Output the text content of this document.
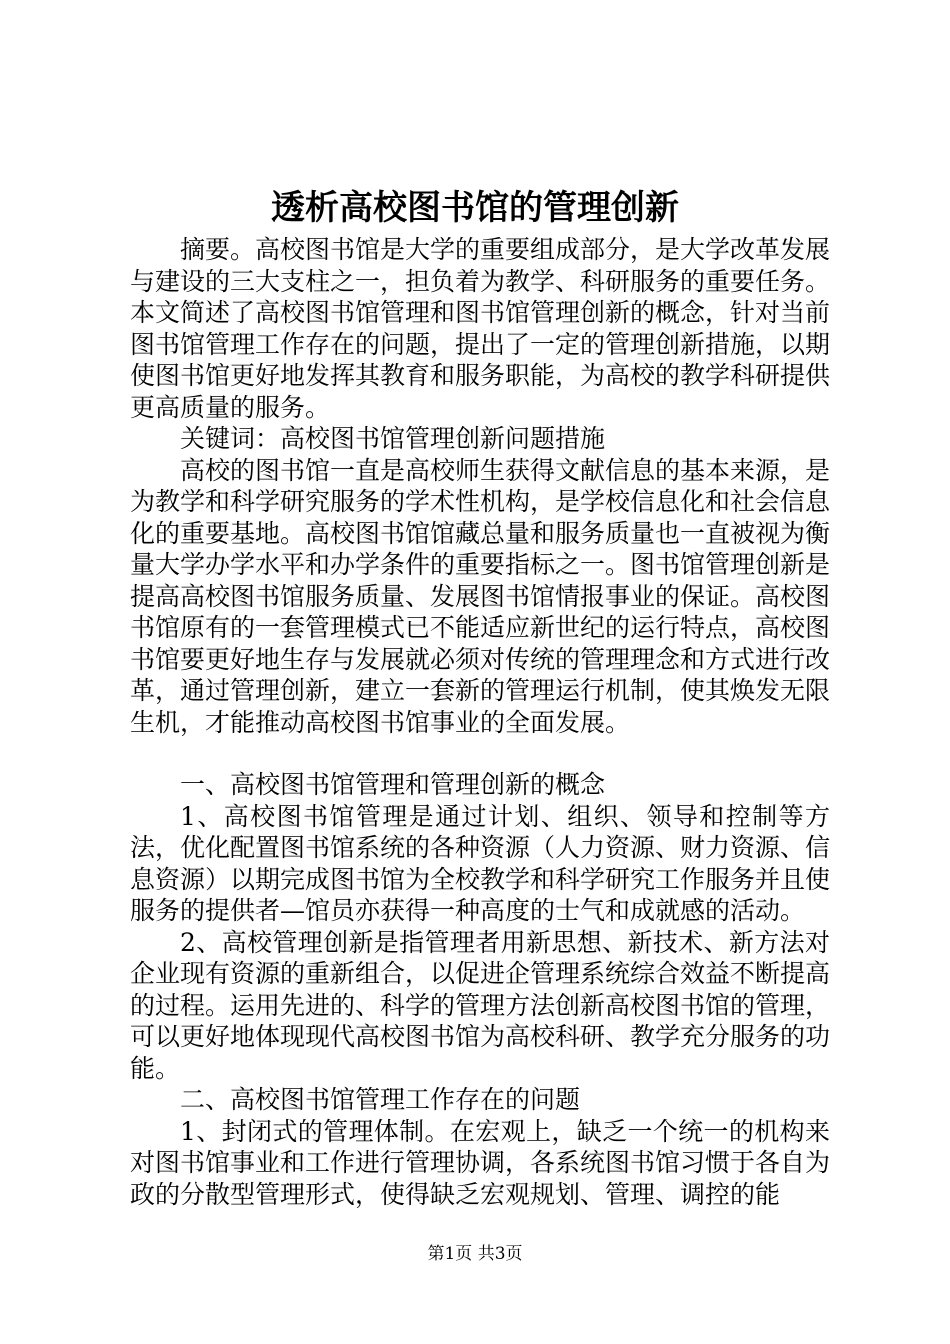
透析高校图书馆的管理创新

摘要。高校图书馆是大学的重要组成部分，是大学改革发展与建设的三大支柱之一，担负着为教学、科研服务的重要任务。本文简述了高校图书馆管理和图书馆管理创新的概念，针对当前图书馆管理工作存在的问题，提出了一定的管理创新措施，以期使图书馆更好地发挥其教育和服务职能，为高校的教学科研提供更高质量的服务。

关键词：高校图书馆管理创新问题措施

高校的图书馆一直是高校师生获得文献信息的基本来源，是为教学和科学研究服务的学术性机构，是学校信息化和社会信息化的重要基地。高校图书馆馆藏总量和服务质量也一直被视为衡量大学办学水平和办学条件的重要指标之一。图书馆管理创新是提高高校图书馆服务质量、发展图书馆情报事业的保证。高校图书馆原有的一套管理模式已不能适应新世纪的运行特点，高校图书馆要更好地生存与发展就必须对传统的管理理念和方式进行改革，通过管理创新，建立一套新的管理运行机制，使其焕发无限生机，才能推动高校图书馆事业的全面发展。

一、高校图书馆管理和管理创新的概念

1、高校图书馆管理是通过计划、组织、领导和控制等方法，优化配置图书馆系统的各种资源（人力资源、财力资源、信息资源）以期完成图书馆为全校教学和科学研究工作服务并且使服务的提供者—馆员亦获得一种高度的士气和成就感的活动。

2、高校管理创新是指管理者用新思想、新技术、新方法对企业现有资源的重新组合，以促进企管理系统综合效益不断提高的过程。运用先进的、科学的管理方法创新高校图书馆的管理，可以更好地体现现代高校图书馆为高校科研、教学充分服务的功能。

二、高校图书馆管理工作存在的问题

1、封闭式的管理体制。在宏观上，缺乏一个统一的机构来对图书馆事业和工作进行管理协调，各系统图书馆习惯于各自为政的分散型管理形式，使得缺乏宏观规划、管理、调控的能

第1页 共3页
